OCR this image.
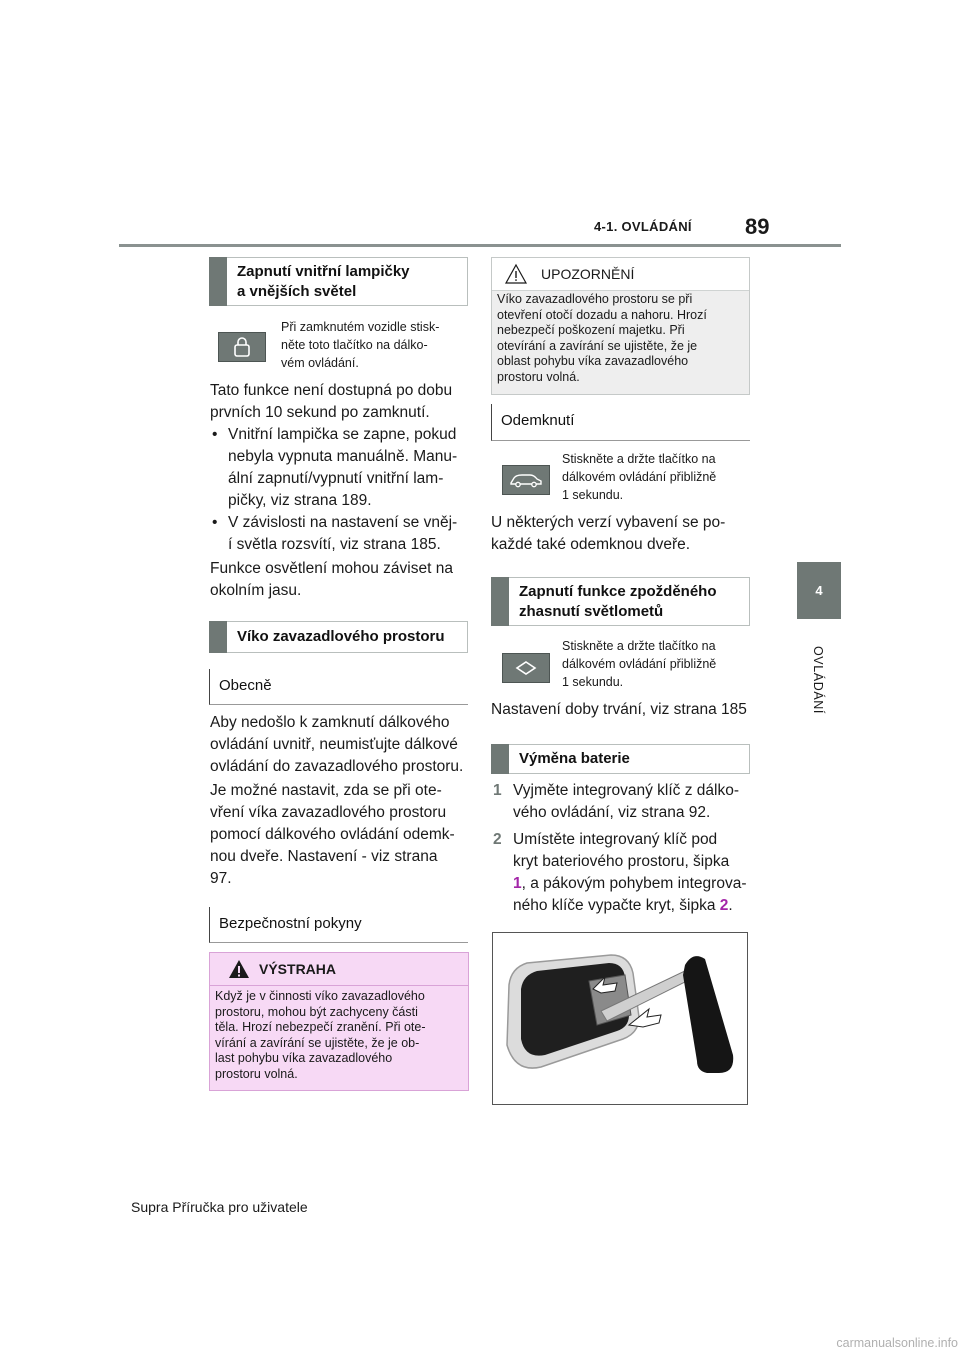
4-1. OVLÁDÁNÍ 89
4
OVLÁDÁNÍ
Zapnutí vnitřní lampičky
a vnějších světel
Při zamknutém vozidle stisk-
něte toto tlačítko na dálko-
vém ovládání.
Tato funkce není dostupná po dobu
prvních 10 sekund po zamknutí.
• Vnitřní lampička se zapne, pokud
nebyla vypnuta manuálně. Manu-
ální zapnutí/vypnutí vnitřní lam-
pičky, viz strana 189.
• V závislosti na nastavení se vněj-
í světla rozsvítí, viz strana 185.
Funkce osvětlení mohou záviset na
okolním jasu.
Víko zavazadlového prostoru
Obecně
Aby nedošlo k zamknutí dálkového
ovládání uvnitř, neumisťujte dálkové
ovládání do zavazadlového prostoru.
Je možné nastavit, zda se při ote-
vření víka zavazadlového prostoru
pomocí dálkového ovládání odemk-
nou dveře. Nastavení - viz strana
97.
Bezpečnostní pokyny
VÝSTRAHA
Když je v činnosti víko zavazadlového
prostoru, mohou být zachyceny části
těla. Hrozí nebezpečí zranění. Při ote-
vírání a zavírání se ujistěte, že je ob-
last pohybu víka zavazadlového
prostoru volná.
UPOZORNĚNÍ
Víko zavazadlového prostoru se při
otevření otočí dozadu a nahoru. Hrozí
nebezpečí poškození majetku. Při
otevírání a zavírání se ujistěte, že je
oblast pohybu víka zavazadlového
prostoru volná.
Odemknutí
Stiskněte a držte tlačítko na
dálkovém ovládání přibližně
1 sekundu.
U některých verzí vybavení se po-
každé také odemknou dveře.
Zapnutí funkce zpožděného
zhasnutí světlometů
Stiskněte a držte tlačítko na
dálkovém ovládání přibližně
1 sekundu.
Nastavení doby trvání, viz strana 185
Výměna baterie
1 Vyjměte integrovaný klíč z dálko-
vého ovládání, viz strana 92.
2 Umístěte integrovaný klíč pod
kryt bateriového prostoru, šipka
1, a pákovým pohybem integrova-
ného klíče vypačte kryt, šipka 2.
Supra Příručka pro uživatele
carmanualsonline.info
